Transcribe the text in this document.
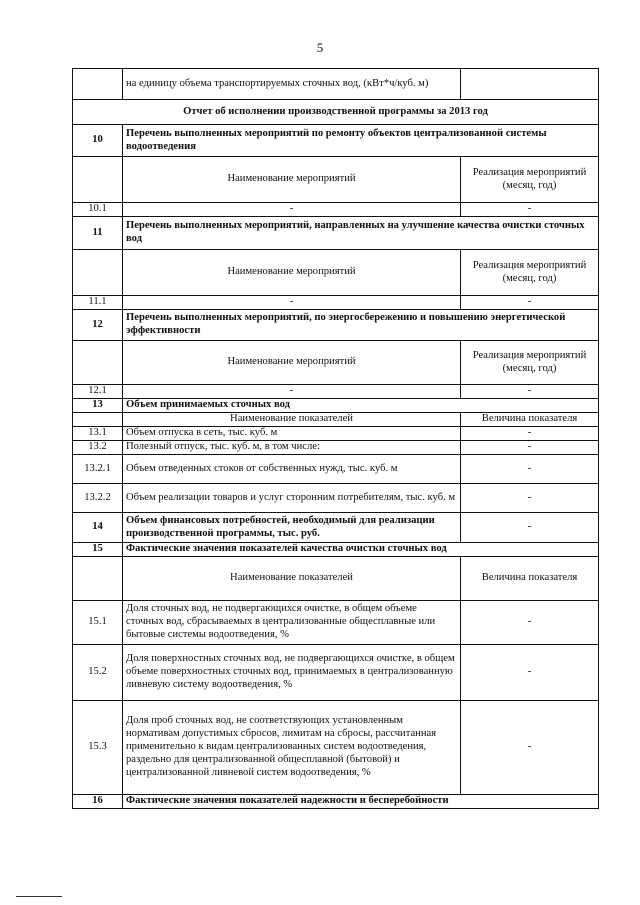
5
	на единицу объема транспортируемых сточных вод, (кВт*ч/куб. м)	
Отчет об исполнении производственной программы за 2013 год		
10	Перечень выполненных мероприятий по ремонту объектов централизованной системы водоотведения	
	Наименование мероприятий	Реализация мероприятий (месяц, год)
10.1	-	-
11	Перечень выполненных мероприятий, направленных на улучшение качества очистки сточных вод	
	Наименование мероприятий	Реализация мероприятий (месяц, год)
11.1	-	-
12	Перечень выполненных мероприятий, по энергосбережению и повышению энергетической эффективности	
	Наименование мероприятий	Реализация мероприятий (месяц, год)
12.1	-	-
13	Объем принимаемых сточных вод	
	Наименование показателей	Величина показателя
13.1	Объем отпуска в сеть, тыс. куб. м	-
13.2	Полезный отпуск, тыс. куб. м, в том числе:	-
13.2.1	Объем отведенных стоков от собственных нужд, тыс. куб. м	-
13.2.2	Объем реализации товаров и услуг сторонним потребителям, тыс. куб. м	-
14	Объем финансовых потребностей, необходимый для реализации производственной программы, тыс. руб.	-
15	Фактические значения показателей качества очистки сточных вод	
	Наименование показателей	Величина показателя
15.1	Доля сточных вод, не подвергающихся очистке, в общем объеме сточных вод, сбрасываемых в централизованные общесплавные или бытовые системы водоотведения, %	-
15.2	Доля поверхностных сточных вод, не подвергающихся очистке, в общем объеме поверхностных сточных вод, принимаемых в централизованную ливневую систему водоотведения, %	-
15.3	Доля проб сточных вод, не соответствующих установленным нормативам допустимых сбросов, лимитам на сбросы, рассчитанная применительно к видам централизованных систем водоотведения, раздельно для централизованной общесплавной (бытовой) и централизованной ливневой систем водоотведения, %	-
16	Фактические значения показателей надежности и бесперебойности	
